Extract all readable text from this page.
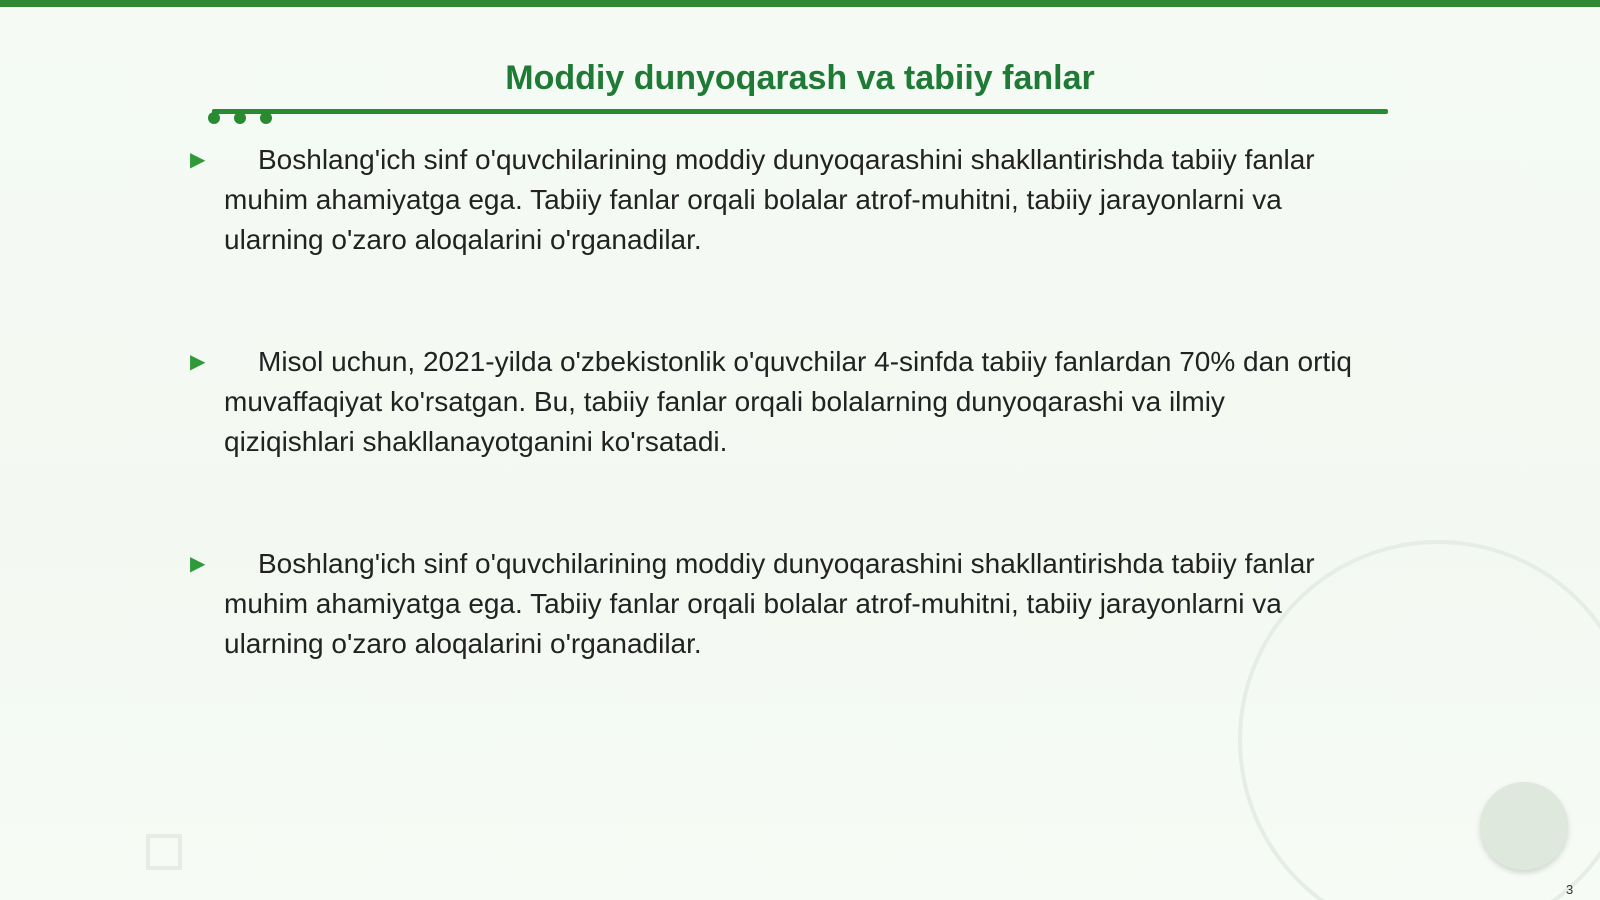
Moddiy dunyoqarash va tabiiy fanlar

▶	Boshlang'ich sinf o'quvchilarining moddiy dunyoqarashini shakllantirishda tabiiy fanlar muhim ahamiyatga ega. Tabiiy fanlar orqali bolalar atrof-muhitni, tabiiy jarayonlarni va ularning o'zaro aloqalarini o'rganadilar.

▶	Misol uchun, 2021-yilda o'zbekistonlik o'quvchilar 4-sinfda tabiiy fanlardan 70% dan ortiq muvaffaqiyat ko'rsatgan. Bu, tabiiy fanlar orqali bolalarning dunyoqarashi va ilmiy qiziqishlari shakllanayotganini ko'rsatadi.

▶	Boshlang'ich sinf o'quvchilarining moddiy dunyoqarashini shakllantirishda tabiiy fanlar muhim ahamiyatga ega. Tabiiy fanlar orqali bolalar atrof-muhitni, tabiiy jarayonlarni va ularning o'zaro aloqalarini o'rganadilar.

3
